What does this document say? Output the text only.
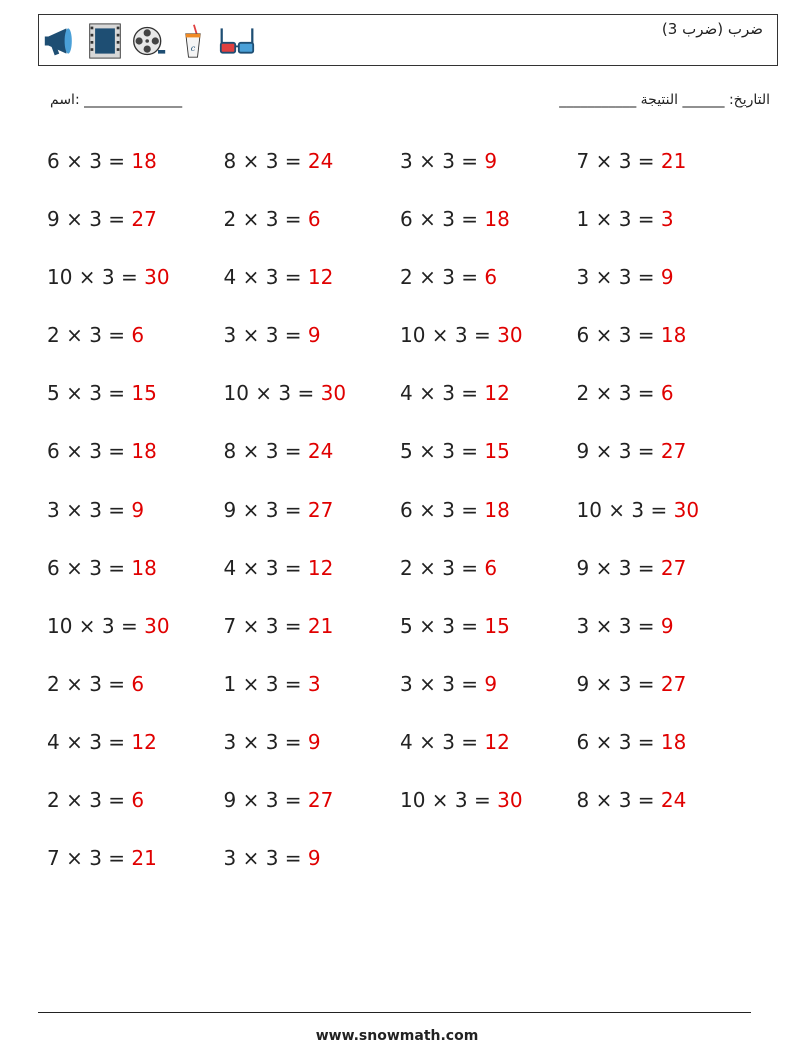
c
ضرب (ضرب 3)
اسم: ______________	التاريخ: ______ النتيجة ___________
6 × 3 = 18	8 × 3 = 24	3 × 3 = 9	7 × 3 = 21
9 × 3 = 27	2 × 3 = 6	6 × 3 = 18	1 × 3 = 3
10 × 3 = 30	4 × 3 = 12	2 × 3 = 6	3 × 3 = 9
2 × 3 = 6	3 × 3 = 9	10 × 3 = 30	6 × 3 = 18
5 × 3 = 15	10 × 3 = 30	4 × 3 = 12	2 × 3 = 6
6 × 3 = 18	8 × 3 = 24	5 × 3 = 15	9 × 3 = 27
3 × 3 = 9	9 × 3 = 27	6 × 3 = 18	10 × 3 = 30
6 × 3 = 18	4 × 3 = 12	2 × 3 = 6	9 × 3 = 27
10 × 3 = 30	7 × 3 = 21	5 × 3 = 15	3 × 3 = 9
2 × 3 = 6	1 × 3 = 3	3 × 3 = 9	9 × 3 = 27
4 × 3 = 12	3 × 3 = 9	4 × 3 = 12	6 × 3 = 18
2 × 3 = 6	9 × 3 = 27	10 × 3 = 30	8 × 3 = 24
7 × 3 = 21	3 × 3 = 9
www.snowmath.com
